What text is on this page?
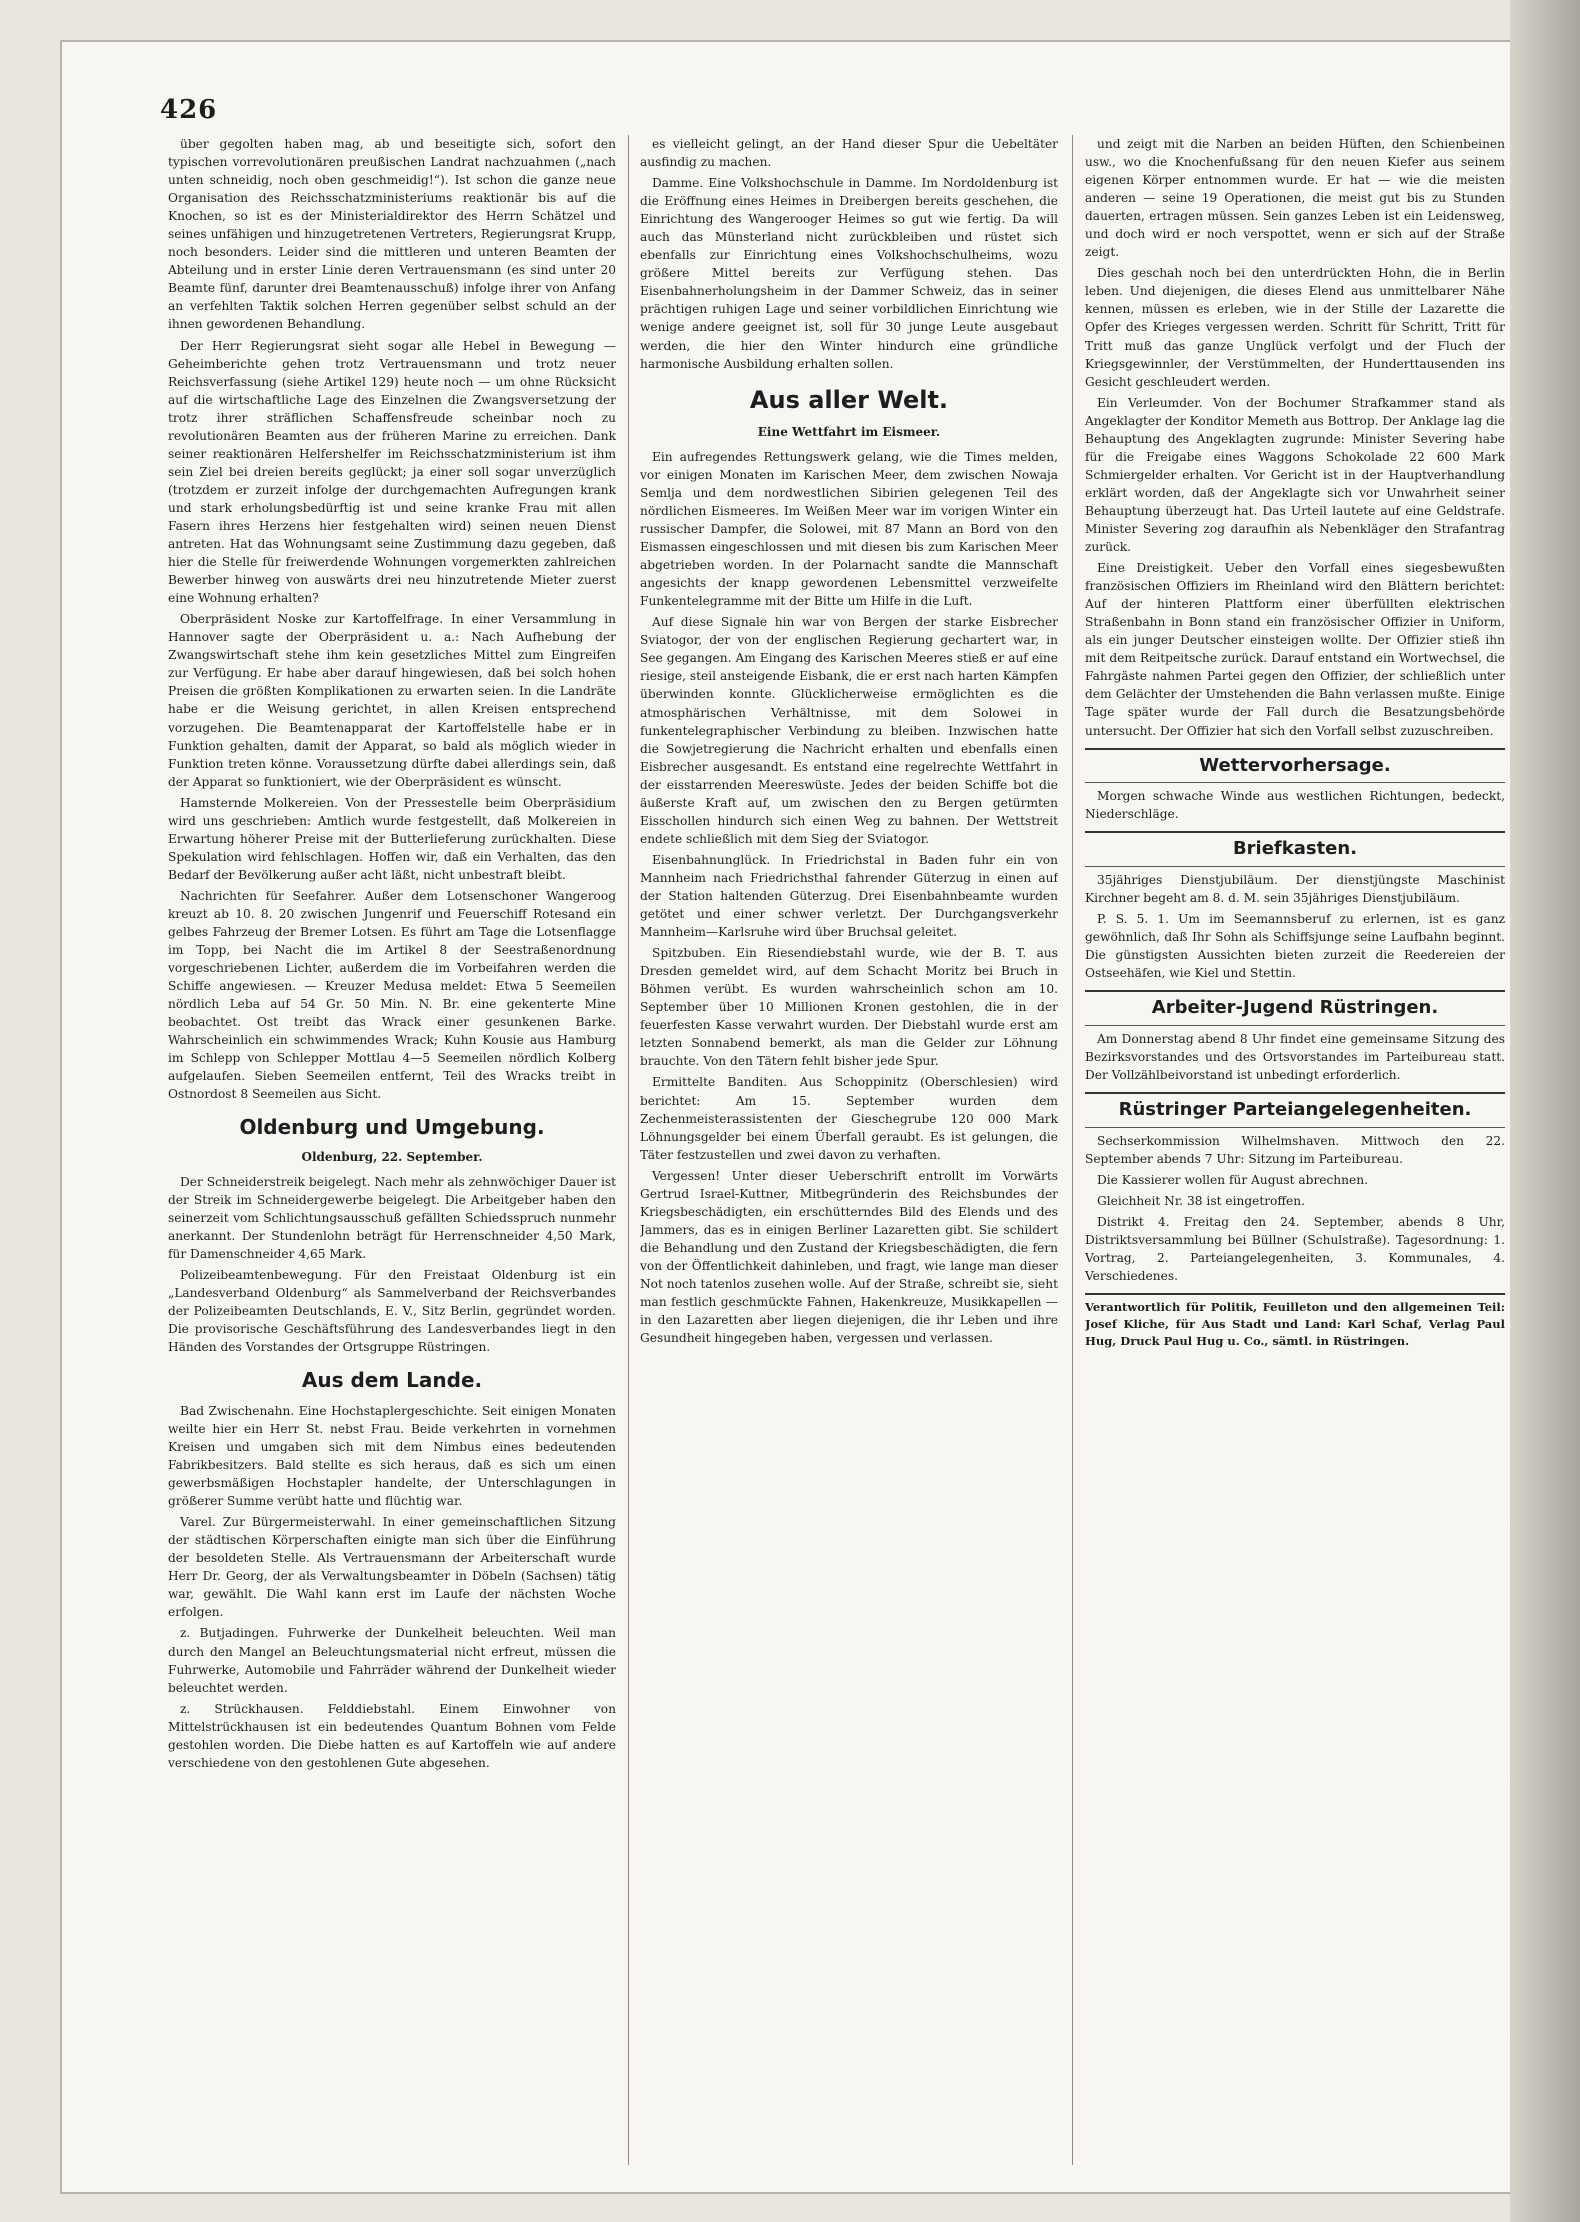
426

über gegolten haben mag, ab und beseitigte sich, sofort den typischen vorrevolutionären preußischen Landrat nachzuahmen („nach unten schneidig, noch oben geschmeidig!“). Ist schon die ganze neue Organisation des Reichsschatzministeriums reaktionär bis auf die Knochen, so ist es der Ministerialdirektor des Herrn Schätzel und seines unfähigen und hinzugetretenen Vertreters, Regierungsrat Krupp, noch besonders. Leider sind die mittleren und unteren Beamten der Abteilung und in erster Linie deren Vertrauensmann (es sind unter 20 Beamte fünf, darunter drei Beamtenausschuß) infolge ihrer von Anfang an verfehlten Taktik solchen Herren gegenüber selbst schuld an der ihnen gewordenen Behandlung.

Der Herr Regierungsrat sieht sogar alle Hebel in Bewegung — Geheimberichte gehen trotz Vertrauensmann und trotz neuer Reichsverfassung (siehe Artikel 129) heute noch — um ohne Rücksicht auf die wirtschaftliche Lage des Einzelnen die Zwangsversetzung der trotz ihrer sträflichen Schaffensfreude scheinbar noch zu revolutionären Beamten aus der früheren Marine zu erreichen. Dank seiner reaktionären Helfershelfer im Reichsschatzministerium ist ihm sein Ziel bei dreien bereits geglückt; ja einer soll sogar unverzüglich (trotzdem er zurzeit infolge der durchgemachten Aufregungen krank und stark erholungsbedürftig ist und seine kranke Frau mit allen Fasern ihres Herzens hier festgehalten wird) seinen neuen Dienst antreten. Hat das Wohnungsamt seine Zustimmung dazu gegeben, daß hier die Stelle für freiwerdende Wohnungen vorgemerkten zahlreichen Bewerber hinweg von auswärts drei neu hinzutretende Mieter zuerst eine Wohnung erhalten?

Oberpräsident Noske zur Kartoffelfrage. In einer Versammlung in Hannover sagte der Oberpräsident u. a.: Nach Aufhebung der Zwangswirtschaft stehe ihm kein gesetzliches Mittel zum Eingreifen zur Verfügung. Er habe aber darauf hingewiesen, daß bei solch hohen Preisen die größten Komplikationen zu erwarten seien. In die Landräte habe er die Weisung gerichtet, in allen Kreisen entsprechend vorzugehen. Die Beamtenapparat der Kartoffelstelle habe er in Funktion gehalten, damit der Apparat, so bald als möglich wieder in Funktion treten könne. Voraussetzung dürfte dabei allerdings sein, daß der Apparat so funktioniert, wie der Oberpräsident es wünscht.

Hamsternde Molkereien. Von der Pressestelle beim Oberpräsidium wird uns geschrieben: Amtlich wurde festgestellt, daß Molkereien in Erwartung höherer Preise mit der Butterlieferung zurückhalten. Diese Spekulation wird fehlschlagen. Hoffen wir, daß ein Verhalten, das den Bedarf der Bevölkerung außer acht läßt, nicht unbestraft bleibt.

Nachrichten für Seefahrer. Außer dem Lotsenschoner Wangeroog kreuzt ab 10. 8. 20 zwischen Jungenrif und Feuerschiff Rotesand ein gelbes Fahrzeug der Bremer Lotsen. Es führt am Tage die Lotsenflagge im Topp, bei Nacht die im Artikel 8 der Seestraßenordnung vorgeschriebenen Lichter, außerdem die im Vorbeifahren werden die Schiffe angewiesen. — Kreuzer Medusa meldet: Etwa 5 Seemeilen nördlich Leba auf 54 Gr. 50 Min. N. Br. eine gekenterte Mine beobachtet. Ost treibt das Wrack einer gesunkenen Barke. Wahrscheinlich ein schwimmendes Wrack; Kuhn Kousie aus Hamburg im Schlepp von Schlepper Mottlau 4—5 Seemeilen nördlich Kolberg aufgelaufen. Sieben Seemeilen entfernt, Teil des Wracks treibt in Ostnordost 8 Seemeilen aus Sicht.

Oldenburg und Umgebung.
Oldenburg, 22. September.

Der Schneiderstreik beigelegt. Nach mehr als zehnwöchiger Dauer ist der Streik im Schneidergewerbe beigelegt. Die Arbeitgeber haben den seinerzeit vom Schlichtungsausschuß gefällten Schiedsspruch nunmehr anerkannt. Der Stundenlohn beträgt für Herrenschneider 4,50 Mark, für Damenschneider 4,65 Mark.

Polizeibeamtenbewegung. Für den Freistaat Oldenburg ist ein „Landesverband Oldenburg“ als Sammelverband der Reichsverbandes der Polizeibeamten Deutschlands, E. V., Sitz Berlin, gegründet worden. Die provisorische Geschäftsführung des Landesverbandes liegt in den Händen des Vorstandes der Ortsgruppe Rüstringen.

Aus dem Lande.

Bad Zwischenahn. Eine Hochstaplergeschichte. Seit einigen Monaten weilte hier ein Herr St. nebst Frau. Beide verkehrten in vornehmen Kreisen und umgaben sich mit dem Nimbus eines bedeutenden Fabrikbesitzers. Bald stellte es sich heraus, daß es sich um einen gewerbsmäßigen Hochstapler handelte, der Unterschlagungen in größerer Summe verübt hatte und flüchtig war.

Varel. Zur Bürgermeisterwahl. In einer gemeinschaftlichen Sitzung der städtischen Körperschaften einigte man sich über die Einführung der besoldeten Stelle. Als Vertrauensmann der Arbeiterschaft wurde Herr Dr. Georg, der als Verwaltungsbeamter in Döbeln (Sachsen) tätig war, gewählt. Die Wahl kann erst im Laufe der nächsten Woche erfolgen.

z. Butjadingen. Fuhrwerke der Dunkelheit beleuchten. Weil man durch den Mangel an Beleuchtungsmaterial nicht erfreut, müssen die Fuhrwerke, Automobile und Fahrräder während der Dunkelheit wieder beleuchtet werden.

z. Strückhausen. Felddiebstahl. Einem Einwohner von Mittelstrückhausen ist ein bedeutendes Quantum Bohnen vom Felde gestohlen worden. Die Diebe hatten es auf Kartoffeln wie auf andere verschiedene von den gestohlenen Gute abgesehen.

es vielleicht gelingt, an der Hand dieser Spur die Uebeltäter ausfindig zu machen.

Damme. Eine Volkshochschule in Damme. Im Nordoldenburg ist die Eröffnung eines Heimes in Dreibergen bereits geschehen, die Einrichtung des Wangerooger Heimes so gut wie fertig. Da will auch das Münsterland nicht zurückbleiben und rüstet sich ebenfalls zur Einrichtung eines Volkshochschulheims, wozu größere Mittel bereits zur Verfügung stehen. Das Eisenbahnerholungsheim in der Dammer Schweiz, das in seiner prächtigen ruhigen Lage und seiner vorbildlichen Einrichtung wie wenige andere geeignet ist, soll für 30 junge Leute ausgebaut werden, die hier den Winter hindurch eine gründliche harmonische Ausbildung erhalten sollen.

Aus aller Welt.
Eine Wettfahrt im Eismeer.

Ein aufregendes Rettungswerk gelang, wie die Times melden, vor einigen Monaten im Karischen Meer, dem zwischen Nowaja Semlja und dem nordwestlichen Sibirien gelegenen Teil des nördlichen Eismeeres. Im Weißen Meer war im vorigen Winter ein russischer Dampfer, die Solowei, mit 87 Mann an Bord von den Eismassen eingeschlossen und mit diesen bis zum Karischen Meer abgetrieben worden. In der Polarnacht sandte die Mannschaft angesichts der knapp gewordenen Lebensmittel verzweifelte Funkentelegramme mit der Bitte um Hilfe in die Luft.

Auf diese Signale hin war von Bergen der starke Eisbrecher Sviatogor, der von der englischen Regierung gechartert war, in See gegangen. Am Eingang des Karischen Meeres stieß er auf eine riesige, steil ansteigende Eisbank, die er erst nach harten Kämpfen überwinden konnte. Glücklicherweise ermöglichten es die atmosphärischen Verhältnisse, mit dem Solowei in funkentelegraphischer Verbindung zu bleiben. Inzwischen hatte die Sowjetregierung die Nachricht erhalten und ebenfalls einen Eisbrecher ausgesandt. Es entstand eine regelrechte Wettfahrt in der eisstarrenden Meereswüste. Jedes der beiden Schiffe bot die äußerste Kraft auf, um zwischen den zu Bergen getürmten Eisschollen hindurch sich einen Weg zu bahnen. Der Wettstreit endete schließlich mit dem Sieg der Sviatogor.

Eisenbahnunglück. In Friedrichstal in Baden fuhr ein von Mannheim nach Friedrichsthal fahrender Güterzug in einen auf der Station haltenden Güterzug. Drei Eisenbahnbeamte wurden getötet und einer schwer verletzt. Der Durchgangsverkehr Mannheim—Karlsruhe wird über Bruchsal geleitet.

Spitzbuben. Ein Riesendiebstahl wurde, wie der B. T. aus Dresden gemeldet wird, auf dem Schacht Moritz bei Bruch in Böhmen verübt. Es wurden wahrscheinlich schon am 10. September über 10 Millionen Kronen gestohlen, die in der feuerfesten Kasse verwahrt wurden. Der Diebstahl wurde erst am letzten Sonnabend bemerkt, als man die Gelder zur Löhnung brauchte. Von den Tätern fehlt bisher jede Spur.

Ermittelte Banditen. Aus Schoppinitz (Oberschlesien) wird berichtet: Am 15. September wurden dem Zechenmeisterassistenten der Gieschegrube 120 000 Mark Löhnungsgelder bei einem Überfall geraubt. Es ist gelungen, die Täter festzustellen und zwei davon zu verhaften.

Vergessen! Unter dieser Ueberschrift entrollt im Vorwärts Gertrud Israel-Kuttner, Mitbegründerin des Reichsbundes der Kriegsbeschädigten, ein erschütterndes Bild des Elends und des Jammers, das es in einigen Berliner Lazaretten gibt. Sie schildert die Behandlung und den Zustand der Kriegsbeschädigten, die fern von der Öffentlichkeit dahinleben, und fragt, wie lange man dieser Not noch tatenlos zusehen wolle. Auf der Straße, schreibt sie, sieht man festlich geschmückte Fahnen, Hakenkreuze, Musikkapellen — in den Lazaretten aber liegen diejenigen, die ihr Leben und ihre Gesundheit hingegeben haben, vergessen und verlassen.

und zeigt mit die Narben an beiden Hüften, den Schienbeinen usw., wo die Knochenfußsang für den neuen Kiefer aus seinem eigenen Körper entnommen wurde. Er hat — wie die meisten anderen — seine 19 Operationen, die meist gut bis zu Stunden dauerten, ertragen müssen. Sein ganzes Leben ist ein Leidensweg, und doch wird er noch verspottet, wenn er sich auf der Straße zeigt.

Dies geschah noch bei den unterdrückten Hohn, die in Berlin leben. Und diejenigen, die dieses Elend aus unmittelbarer Nähe kennen, müssen es erleben, wie in der Stille der Lazarette die Opfer des Krieges vergessen werden. Schritt für Schritt, Tritt für Tritt muß das ganze Unglück verfolgt und der Fluch der Kriegsgewinnler, der Verstümmelten, der Hunderttausenden ins Gesicht geschleudert werden.

Ein Verleumder. Von der Bochumer Strafkammer stand als Angeklagter der Konditor Memeth aus Bottrop. Der Anklage lag die Behauptung des Angeklagten zugrunde: Minister Severing habe für die Freigabe eines Waggons Schokolade 22 600 Mark Schmiergelder erhalten. Vor Gericht ist in der Hauptverhandlung erklärt worden, daß der Angeklagte sich vor Unwahrheit seiner Behauptung überzeugt hat. Das Urteil lautete auf eine Geldstrafe. Minister Severing zog daraufhin als Nebenkläger den Strafantrag zurück.

Eine Dreistigkeit. Ueber den Vorfall eines siegesbewußten französischen Offiziers im Rheinland wird den Blättern berichtet: Auf der hinteren Plattform einer überfüllten elektrischen Straßenbahn in Bonn stand ein französischer Offizier in Uniform, als ein junger Deutscher einsteigen wollte. Der Offizier stieß ihn mit dem Reitpeitsche zurück. Darauf entstand ein Wortwechsel, die Fahrgäste nahmen Partei gegen den Offizier, der schließlich unter dem Gelächter der Umstehenden die Bahn verlassen mußte. Einige Tage später wurde der Fall durch die Besatzungsbehörde untersucht. Der Offizier hat sich den Vorfall selbst zuzuschreiben.

Wettervorhersage.

Morgen schwache Winde aus westlichen Richtungen, bedeckt, Niederschläge.

Briefkasten.

35jähriges Dienstjubiläum. Der dienstjüngste Maschinist Kirchner begeht am 8. d. M. sein 35jähriges Dienstjubiläum.

P. S. 5. 1. Um im Seemannsberuf zu erlernen, ist es ganz gewöhnlich, daß Ihr Sohn als Schiffsjunge seine Laufbahn beginnt. Die günstigsten Aussichten bieten zurzeit die Reedereien der Ostseehäfen, wie Kiel und Stettin.

Arbeiter-Jugend Rüstringen.

Am Donnerstag abend 8 Uhr findet eine gemeinsame Sitzung des Bezirksvorstandes und des Ortsvorstandes im Parteibureau statt. Der Vollzählbeivorstand ist unbedingt erforderlich.

Rüstringer Parteiangelegenheiten.

Sechserkommission Wilhelmshaven. Mittwoch den 22. September abends 7 Uhr: Sitzung im Parteibureau.

Die Kassierer wollen für August abrechnen.

Gleichheit Nr. 38 ist eingetroffen.

Distrikt 4. Freitag den 24. September, abends 8 Uhr, Distriktsversammlung bei Büllner (Schulstraße). Tagesordnung: 1. Vortrag, 2. Parteiangelegenheiten, 3. Kommunales, 4. Verschiedenes.

Verantwortlich für Politik, Feuilleton und den allgemeinen Teil: Josef Kliche, für Aus Stadt und Land: Karl Schaf, Verlag Paul Hug, Druck Paul Hug u. Co., sämtl. in Rüstringen.
